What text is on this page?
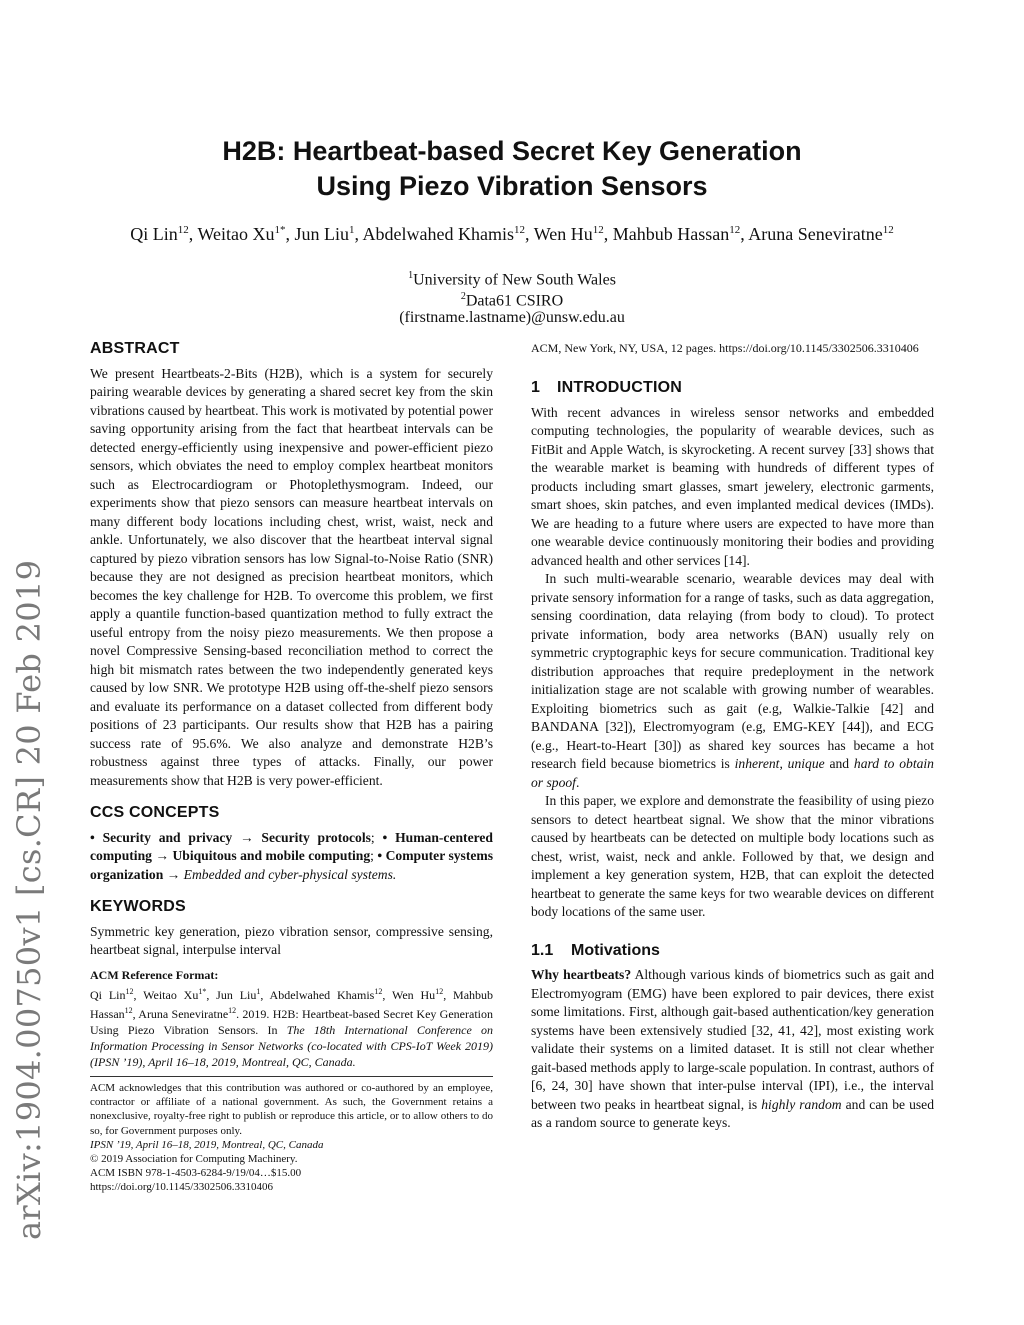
arXiv:1904.00750v1 [cs.CR] 20 Feb 2019
H2B: Heartbeat-based Secret Key Generation
Using Piezo Vibration Sensors
Qi Lin$^{12}$, Weitao $Xu^{1*}$, Jun Liu$^1$, Abdelwahed Khamis$^{12}$, Wen Hu$^{12}$, Mahbub Hassan$^{12}$, Aruna Seneviratne$^{12}$
$^1$University of New South Wales
$^2$Data61 CSIRO
(firstname.lastname)@unsw.edu.au
ABSTRACT

We present Heartbeats-2-Bits (H2B), which is a system for securely pairing wearable devices by generating a shared secret key from the skin vibrations caused by heartbeat. This work is motivated by potential power saving opportunity arising from the fact that heartbeat intervals can be detected energy-efficiently using inexpensive and power-efficient piezo sensors, which obviates the need to employ complex heartbeat monitors such as Electrocardiogram or Photoplethysmogram. Indeed, our experiments show that piezo sensors can measure heartbeat intervals on many different body locations including chest, wrist, waist, neck and ankle. Unfortunately, we also discover that the heartbeat interval signal captured by piezo vibration sensors has low Signal-to-Noise Ratio (SNR) because they are not designed as precision heartbeat monitors, which becomes the key challenge for H2B. To overcome this problem, we first apply a quantile function-based quantization method to fully extract the useful entropy from the noisy piezo measurements. We then propose a novel Compressive Sensing-based reconciliation method to correct the high bit mismatch rates between the two independently generated keys caused by low SNR. We prototype H2B using off-the-shelf piezo sensors and evaluate its performance on a dataset collected from different body positions of 23 participants. Our results show that H2B has a pairing success rate of 95.6%. We also analyze and demonstrate H2B’s robustness against three types of attacks. Finally, our power measurements show that H2B is very power-efficient.

CCS CONCEPTS

• Security and privacy → Security protocols; • Human-centered computing → Ubiquitous and mobile computing; • Computer systems organization → Embedded and cyber-physical systems.

KEYWORDS

Symmetric key generation, piezo vibration sensor, compressive sensing, heartbeat signal, interpulse interval

ACM Reference Format:

Qi Lin$^{12}$, Weitao $Xu^{1*}$, Jun Liu$^1$, Abdelwahed Khamis$^{12}$, Wen Hu$^{12}$, Mahbub Hassan$^{12}$, Aruna Seneviratne$^{12}$. 2019. H2B: Heartbeat-based Secret Key Generation Using Piezo Vibration Sensors. In The 18th International Conference on Information Processing in Sensor Networks (co-located with CPS-IoT Week 2019) (IPSN ’19), April 16–18, 2019, Montreal, QC, Canada.

ACM acknowledges that this contribution was authored or co-authored by an employee, contractor or affiliate of a national government. As such, the Government retains a nonexclusive, royalty-free right to publish or reproduce this article, or to allow others to do so, for Government purposes only.

IPSN ’19, April 16–18, 2019, Montreal, QC, Canada
© 2019 Association for Computing Machinery.
ACM ISBN 978-1-4503-6284-9/19/04…$15.00
https://doi.org/10.1145/3302506.3310406

ACM, New York, NY, USA, 12 pages. https://doi.org/10.1145/3302506.3310406

1 INTRODUCTION

With recent advances in wireless sensor networks and embedded computing technologies, the popularity of wearable devices, such as FitBit and Apple Watch, is skyrocketing. A recent survey [33] shows that the wearable market is beaming with hundreds of different types of products including smart glasses, smart jewelery, electronic garments, smart shoes, skin patches, and even implanted medical devices (IMDs). We are heading to a future where users are expected to have more than one wearable device continuously monitoring their bodies and providing advanced health and other services [14].

In such multi-wearable scenario, wearable devices may deal with private sensory information for a range of tasks, such as data aggregation, sensing coordination, data relaying (from body to cloud). To protect private information, body area networks (BAN) usually rely on symmetric cryptographic keys for secure communication. Traditional key distribution approaches that require predeployment in the network initialization stage are not scalable with growing number of wearables. Exploiting biometrics such as gait (e.g, Walkie-Talkie [42] and BANDANA [32]), Electromyogram (e.g, EMG-KEY [44]), and ECG (e.g., Heart-to-Heart [30]) as shared key sources has became a hot research field because biometrics is inherent, unique and hard to obtain or spoof.

In this paper, we explore and demonstrate the feasibility of using piezo sensors to detect heartbeat signal. We show that the minor vibrations caused by heartbeats can be detected on multiple body locations such as chest, wrist, waist, neck and ankle. Followed by that, we design and implement a key generation system, H2B, that can exploit the detected heartbeat to generate the same keys for two wearable devices on different body locations of the same user.

1.1 Motivations

Why heartbeats? Although various kinds of biometrics such as gait and Electromyogram (EMG) have been explored to pair devices, there exist some limitations. First, although gait-based authentication/key generation systems have been extensively studied [32, 41, 42], most existing work validate their systems on a limited dataset. It is still not clear whether gait-based methods apply to large-scale population. In contrast, authors of [6, 24, 30] have shown that inter-pulse interval (IPI), i.e., the interval between two peaks in heartbeat signal, is highly random and can be used as a random source to generate keys.
